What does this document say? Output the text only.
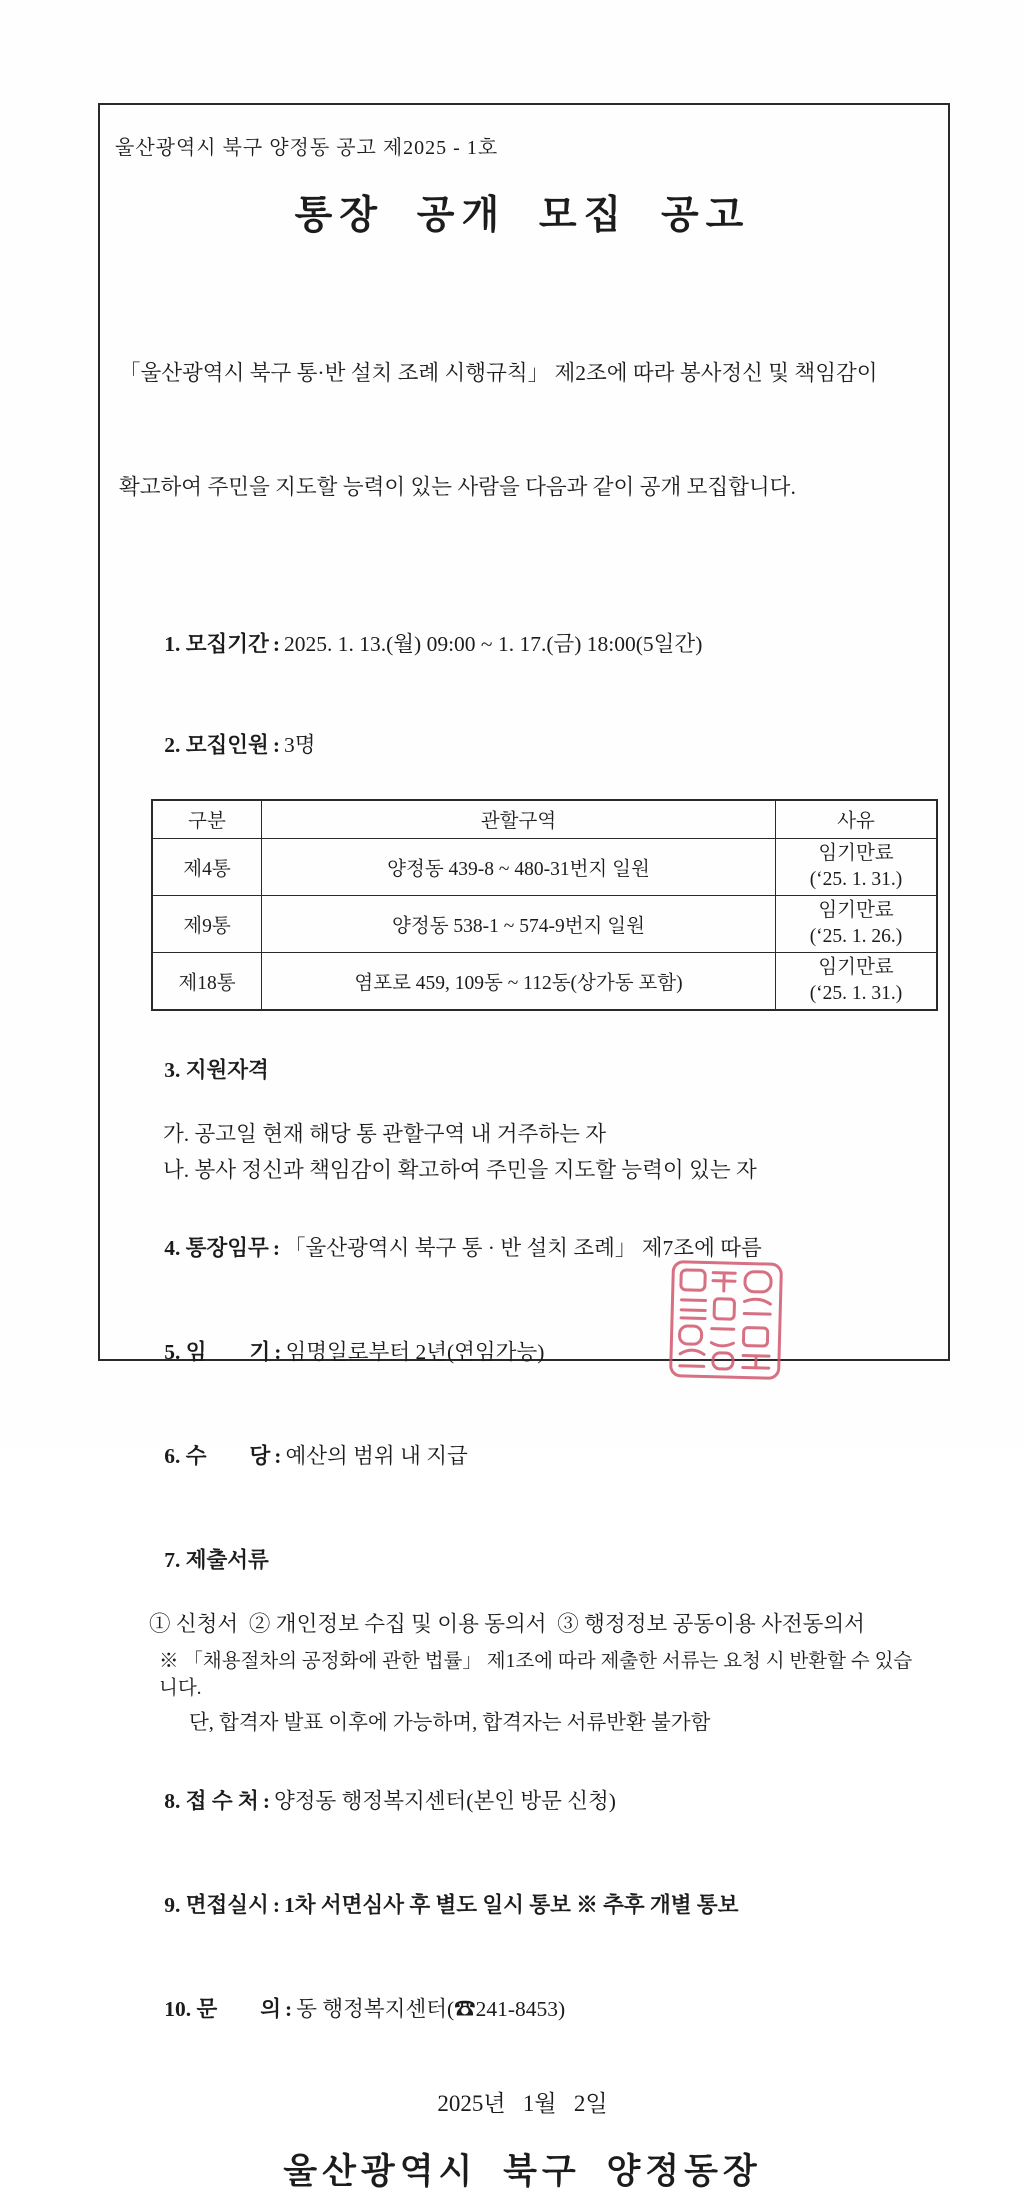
울산광역시 북구 양정동 공고 제2025 - 1호
통장 공개 모집 공고

「울산광역시 북구 통·반 설치 조례 시행규칙」 제2조에 따라 봉사정신 및 책임감이

확고하여 주민을 지도할 능력이 있는 사람을 다음과 같이 공개 모집합니다.

1. 모집기간 : 2025. 1. 13.(월) 09:00 ~ 1. 17.(금) 18:00(5일간)

2. 모집인원 : 3명

구분	관할구역	사유
제4통	양정동 439-8 ~ 480-31번지 일원	임기만료
(‘25. 1. 31.)

제9통	양정동 538-1 ~ 574-9번지 일원	임기만료
(‘25. 1. 26.)

제18통	염포로 459, 109동 ~ 112동(상가동 포함)	임기만료
(‘25. 1. 31.)

3. 지원자격

가. 공고일 현재 해당 통 관할구역 내 거주하는 자
나. 봉사 정신과 책임감이 확고하여 주민을 지도할 능력이 있는 자

4. 통장임무 : 「울산광역시 북구 통 · 반 설치 조례」 제7조에 따름

5. 임　　기 : 임명일로부터 2년(연임가능)

6. 수　　당 : 예산의 범위 내 지급

7. 제출서류

① 신청서  ② 개인정보 수집 및 이용 동의서  ③ 행정정보 공동이용 사전동의서
※ 「채용절차의 공정화에 관한 법률」 제1조에 따라 제출한 서류는 요청 시 반환할 수 있습니다.
단, 합격자 발표 이후에 가능하며, 합격자는 서류반환 불가함

8. 접 수 처 : 양정동 행정복지센터(본인 방문 신청)

9. 면접실시 : 1차 서면심사 후 별도 일시 통보 ※ 추후 개별 통보

10. 문　　의 : 동 행정복지센터(☎241-8453)

2025년   1월   2일
울산광역시 북구 양정동장
